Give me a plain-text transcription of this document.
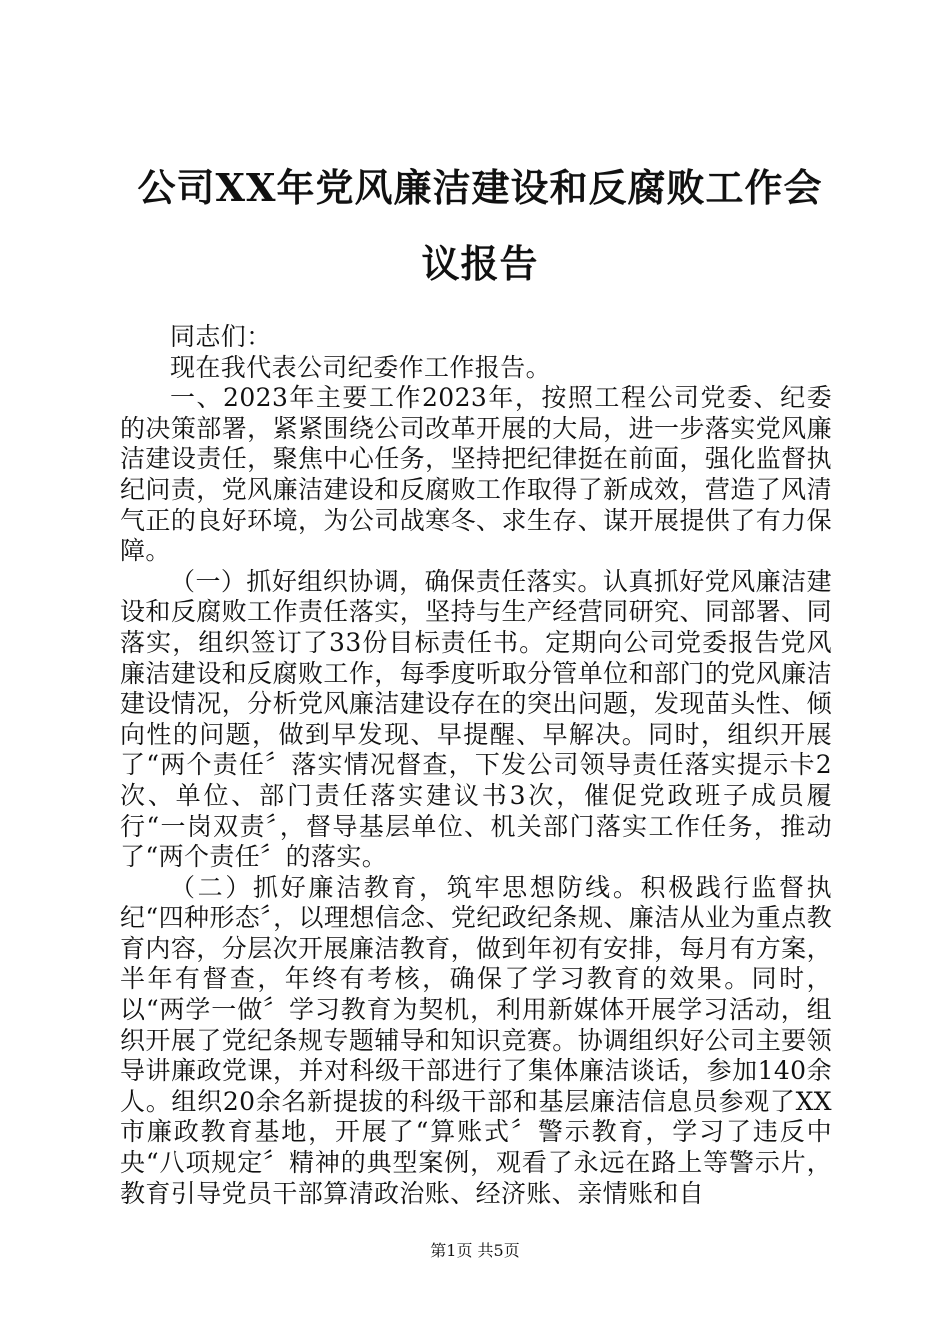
公司XX年党风廉洁建设和反腐败工作会议报告

同志们：

现在我代表公司纪委作工作报告。

一、2023年主要工作2023年，按照工程公司党委、纪委的决策部署，紧紧围绕公司改革开展的大局，进一步落实党风廉洁建设责任，聚焦中心任务，坚持把纪律挺在前面，强化监督执纪问责，党风廉洁建设和反腐败工作取得了新成效，营造了风清气正的良好环境，为公司战寒冬、求生存、谋开展提供了有力保障。

（一）抓好组织协调，确保责任落实。认真抓好党风廉洁建设和反腐败工作责任落实，坚持与生产经营同研究、同部署、同落实，组织签订了33份目标责任书。定期向公司党委报告党风廉洁建设和反腐败工作，每季度听取分管单位和部门的党风廉洁建设情况，分析党风廉洁建设存在的突出问题，发现苗头性、倾向性的问题，做到早发现、早提醒、早解决。同时，组织开展了“两个责任〞落实情况督查，下发公司领导责任落实提示卡2次、单位、部门责任落实建议书3次，催促党政班子成员履行“一岗双责〞，督导基层单位、机关部门落实工作任务，推动了“两个责任〞的落实。

（二）抓好廉洁教育，筑牢思想防线。积极践行监督执纪“四种形态〞，以理想信念、党纪政纪条规、廉洁从业为重点教育内容，分层次开展廉洁教育，做到年初有安排，每月有方案，半年有督查，年终有考核，确保了学习教育的效果。同时，以“两学一做〞学习教育为契机，利用新媒体开展学习活动，组织开展了党纪条规专题辅导和知识竞赛。协调组织好公司主要领导讲廉政党课，并对科级干部进行了集体廉洁谈话，参加140余人。组织20余名新提拔的科级干部和基层廉洁信息员参观了XX市廉政教育基地，开展了“算账式〞警示教育，学习了违反中央“八项规定〞精神的典型案例，观看了永远在路上等警示片，教育引导党员干部算清政治账、经济账、亲情账和自

第1页 共5页
